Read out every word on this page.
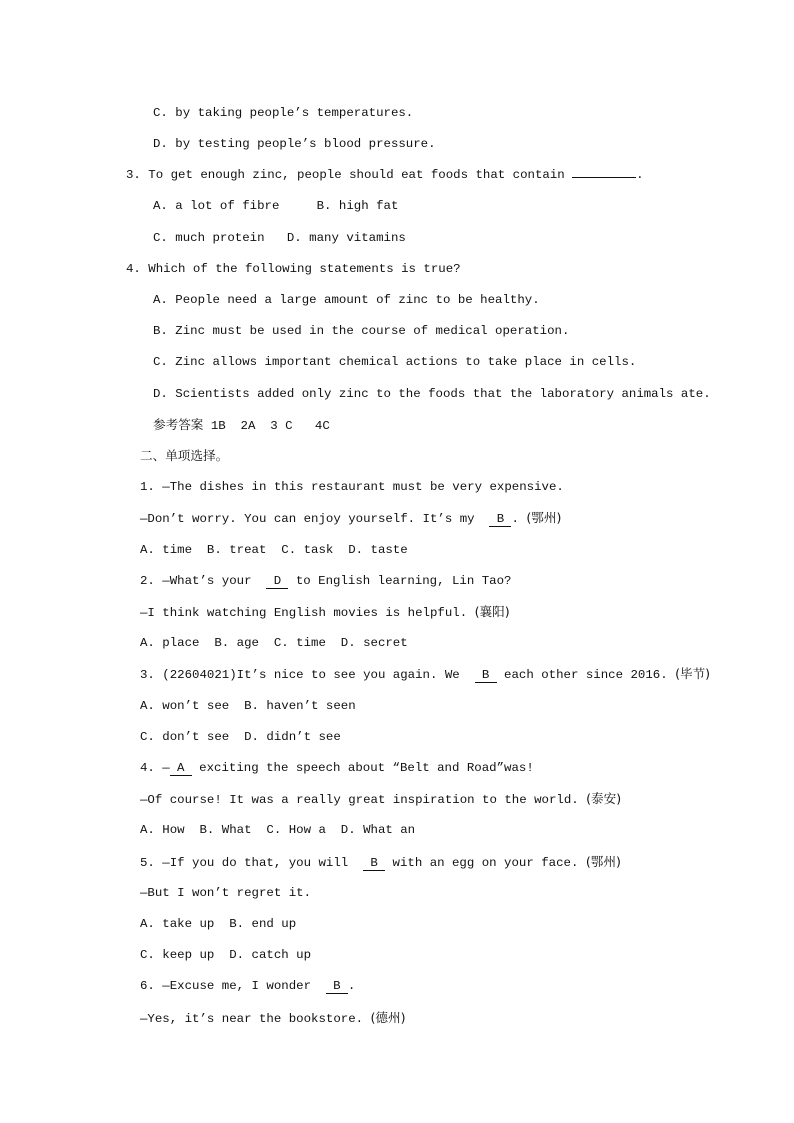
C. by taking people’s temperatures.
D. by testing people’s blood pressure.
3. To get enough zinc, people should eat foods that contain	.
A. a lot of fibre     B. high fat
C. much protein   D. many vitamins
4. Which of the following statements is true?
A. People need a large amount of zinc to be healthy.
B. Zinc must be used in the course of medical operation.
C. Zinc allows important chemical actions to take place in cells.
D. Scientists added only zinc to the foods that the laboratory animals ate.
参考答案 1B  2A  3 C   4C
二、单项选择。
1. —The dishes in this restaurant must be very expensive.
—Don’t worry. You can enjoy yourself. It’s my  B . (鄂州)
A. time  B. treat  C. task  D. taste
2. —What’s your  D to English learning, Lin Tao?
—I think watching English movies is helpful. (襄阳)
A. place  B. age  C. time  D. secret
3. (22604021)It’s nice to see you again. We  B each other since 2016. (毕节)
A. won’t see  B. haven’t seen
C. don’t see  D. didn’t see
4. — A exciting the speech about “Belt and Road”was!
—Of course! It was a really great inspiration to the world. (泰安)
A. How  B. What  C. How a  D. What an
5. —If you do that, you will  B with an egg on your face. (鄂州)
—But I won’t regret it.
A. take up  B. end up
C. keep up  D. catch up
6. —Excuse me, I wonder  B .
—Yes, it’s near the bookstore. (德州)
